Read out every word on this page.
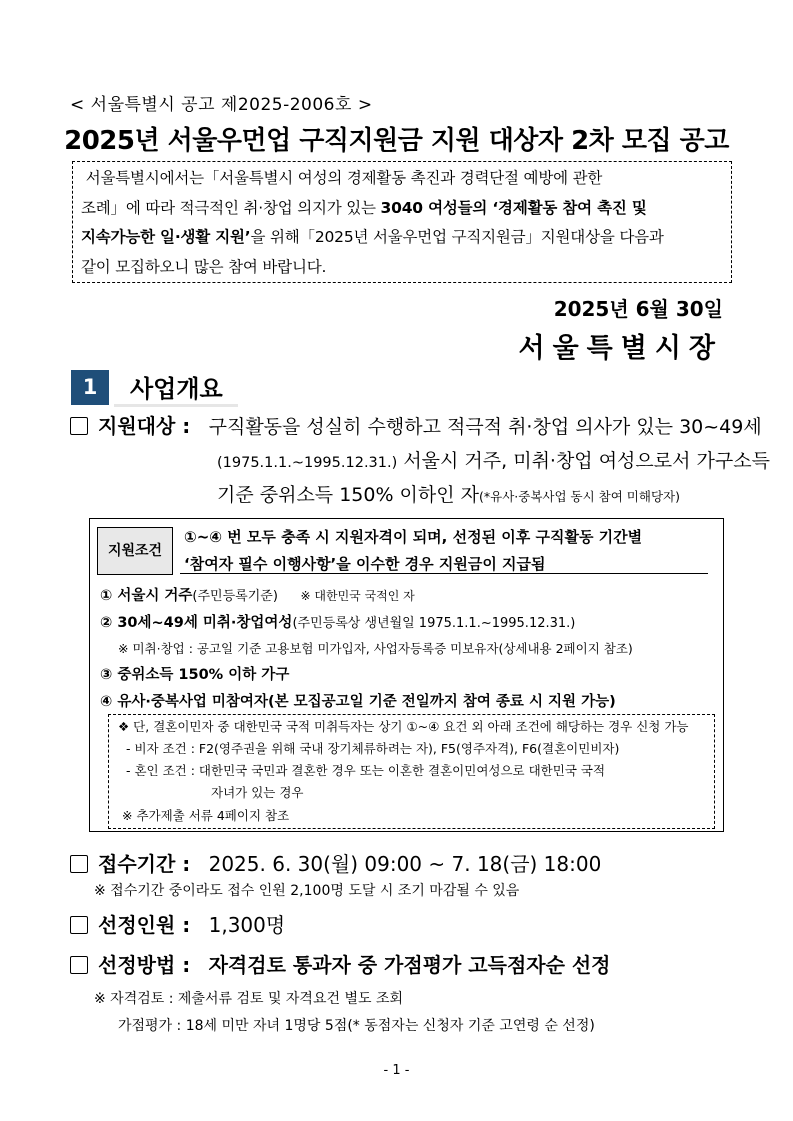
< 서울특별시 공고 제2025-2006호 >
2025년 서울우먼업 구직지원금 지원 대상자 2차 모집 공고
서울특별시에서는「서울특별시 여성의 경제활동 촉진과 경력단절 예방에 관한
조례」에 따라 적극적인 취·창업 의지가 있는 3040 여성들의 ‘경제활동 참여 촉진 및
지속가능한 일·생활 지원’을 위해「2025년 서울우먼업 구직지원금」지원대상을 다음과
같이 모집하오니 많은 참여 바랍니다.
2025년 6월 30일
서울특별시장
1	사업개요
지원대상 : 구직활동을 성실히 수행하고 적극적 취·창업 의사가 있는 30~49세
(1975.1.1.~1995.12.31.) 서울시 거주, 미취·창업 여성으로서 가구소득
기준 중위소득 150% 이하인 자(*유사·중복사업 동시 참여 미해당자)
지원조건
①~④ 번 모두 충족 시 지원자격이 되며, 선정된 이후 구직활동 기간별
‘참여자 필수 이행사항’을 이수한 경우 지원금이 지급됨
① 서울시 거주(주민등록기준) ※ 대한민국 국적인 자
② 30세~49세 미취·창업여성(주민등록상 생년월일 1975.1.1.~1995.12.31.)
※ 미취·창업 : 공고일 기준 고용보험 미가입자, 사업자등록증 미보유자(상세내용 2페이지 참조)
③ 중위소득 150% 이하 가구
④ 유사·중복사업 미참여자(본 모집공고일 기준 전일까지 참여 종료 시 지원 가능)
❖ 단, 결혼이민자 중 대한민국 국적 미취득자는 상기 ①~④ 요건 외 아래 조건에 해당하는 경우 신청 가능
- 비자 조건 : F2(영주권을 위해 국내 장기체류하려는 자), F5(영주자격), F6(결혼이민비자)
- 혼인 조건 : 대한민국 국민과 결혼한 경우 또는 이혼한 결혼이민여성으로 대한민국 국적
자녀가 있는 경우
※ 추가제출 서류 4페이지 참조
접수기간 : 2025. 6. 30(월) 09:00 ~ 7. 18(금) 18:00
※ 접수기간 중이라도 접수 인원 2,100명 도달 시 조기 마감될 수 있음
선정인원 : 1,300명
선정방법 : 자격검토 통과자 중 가점평가 고득점자순 선정
※ 자격검토 : 제출서류 검토 및 자격요건 별도 조회
가점평가 : 18세 미만 자녀 1명당 5점(* 동점자는 신청자 기준 고연령 순 선정)
- 1 -
